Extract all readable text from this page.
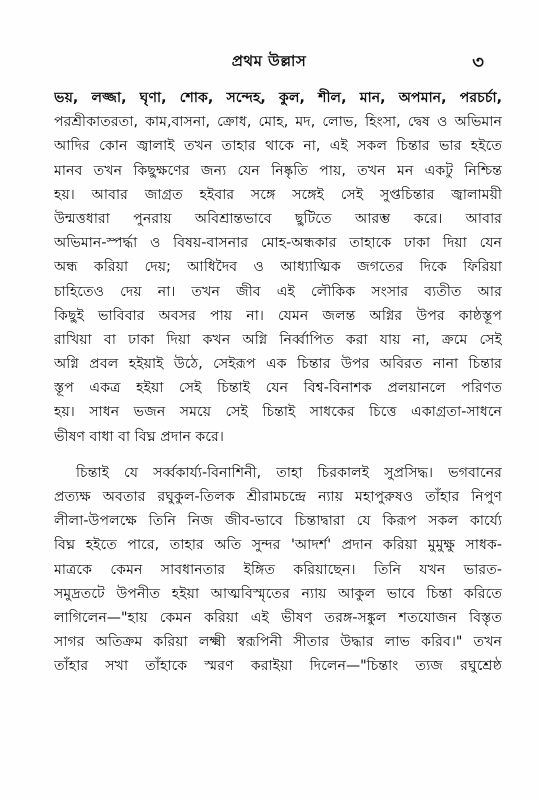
প্রথম উল্লাস	৩
ভয়, লজ্জা, ঘৃণা, শোক, সন্দেহ, কুল, শীল, মান, অপমান, পরচর্চা,
পরশ্রীকাতরতা, কাম,বাসনা, ক্রোধ, মোহ, মদ, লোভ, হিংসা, দ্বেষ ও অভিমান
আদির কোন জ্বালাই তখন তাহার থাকে না, এই সকল চিন্তার ভার হইতে
মানব তখন কিছুক্ষণের জন্য যেন নিষ্কৃতি পায়, তখন মন একটু নিশ্চিন্ত
হয়। আবার জাগ্রত হইবার সঙ্গে সঙ্গেই সেই সুপ্তচিন্তার জ্বালাময়ী
উন্মত্তধারা পুনরায় অবিশ্রান্তভাবে ছুটিতে আরম্ভ করে। আবার
অভিমান-স্পর্দ্ধা ও বিষয়-বাসনার মোহ-অন্ধকার তাহাকে ঢাকা দিয়া যেন
অন্ধ করিয়া দেয়; আধিদৈব ও আধ্যাত্মিক জগতের দিকে ফিরিয়া
চাহিতেও দেয় না। তখন জীব এই লৌকিক সংসার ব্যতীত আর
কিছুই ভাবিবার অবসর পায় না। যেমন জলন্ত অগ্নির উপর কাষ্ঠস্তূপ
রাখিয়া বা ঢাকা দিয়া কখন অগ্নি নির্ব্বাপিত করা যায় না, ক্রমে সেই
অগ্নি প্রবল হইয়াই উঠে, সেইরূপ এক চিন্তার উপর অবিরত নানা চিন্তার
স্তূপ একত্র হইয়া সেই চিন্তাই যেন বিশ্ব-বিনাশক প্রলয়ানলে পরিণত
হয়। সাধন ভজন সময়ে সেই চিন্তাই সাধকের চিত্তে একাগ্রতা-সাধনে
ভীষণ বাধা বা বিঘ্ন প্রদান করে।
চিন্তাই যে সর্ব্বকার্য্য-বিনাশিনী, তাহা চিরকালই সুপ্রসিদ্ধ। ভগবানের
প্রত্যক্ষ অবতার রঘুকুল-তিলক শ্রীরামচন্দ্রে ন্যায় মহাপুরুষও তাঁহার নিপুণ
লীলা-উপলক্ষে তিনি নিজ জীব-ভাবে চিন্তাদ্বারা যে কিরূপ সকল কার্য্যে
বিঘ্ন হইতে পারে, তাহার অতি সুন্দর 'আদর্শ' প্রদান করিয়া মুমুক্ষু সাধক-
মাত্রকে কেমন সাবধানতার ইঙ্গিত করিয়াছেন। তিনি যখন ভারত-
সমুদ্রতটে উপনীত হইয়া আত্মবিস্মৃতের ন্যায় আকুল ভাবে চিন্তা করিতে
লাগিলেন—"হায় কেমন করিয়া এই ভীষণ তরঙ্গ-সঙ্কুল শতযোজন বিস্তৃত
সাগর অতিক্রম করিয়া লক্ষ্মী স্বরূপিনী সীতার উদ্ধার লাভ করিব।" তখন
তাঁহার সখা তাঁহাকে স্মরণ করাইয়া দিলেন—"চিন্তাং ত্যজ রঘুশ্রেষ্ঠ
